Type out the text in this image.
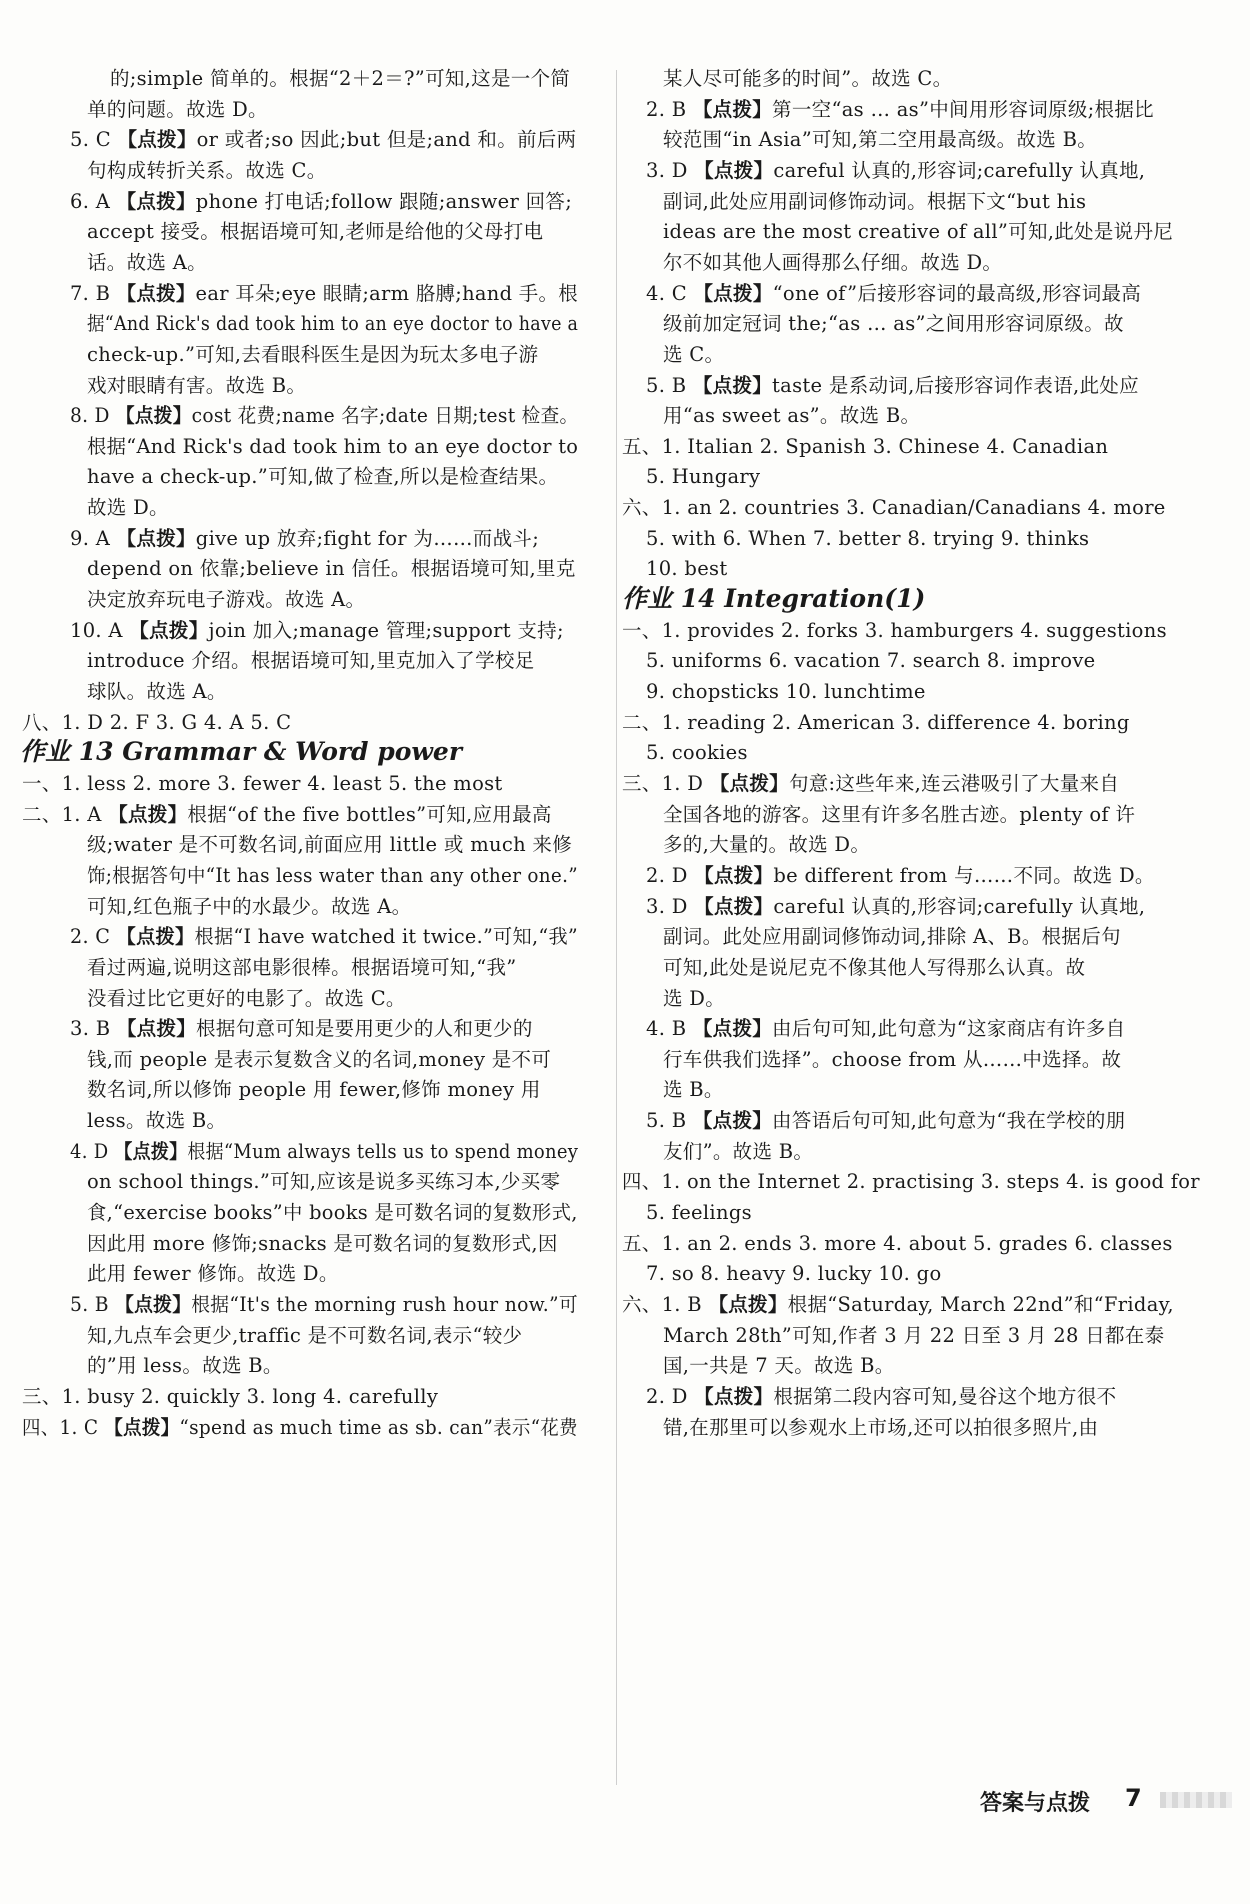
的;simple 简单的。根据“2＋2＝?”可知,这是一个简
单的问题。故选 D。
5. C 【点拨】or 或者;so 因此;but 但是;and 和。前后两
句构成转折关系。故选 C。
6. A 【点拨】phone 打电话;follow 跟随;answer 回答;
accept 接受。根据语境可知,老师是给他的父母打电
话。故选 A。
7. B 【点拨】ear 耳朵;eye 眼睛;arm 胳膊;hand 手。根
据“And Rick's dad took him to an eye doctor to have a
check-up.”可知,去看眼科医生是因为玩太多电子游
戏对眼睛有害。故选 B。
8. D 【点拨】cost 花费;name 名字;date 日期;test 检查。
根据“And Rick's dad took him to an eye doctor to
have a check-up.”可知,做了检查,所以是检查结果。
故选 D。
9. A 【点拨】give up 放弃;fight for 为……而战斗;
depend on 依靠;believe in 信任。根据语境可知,里克
决定放弃玩电子游戏。故选 A。
10. A 【点拨】join 加入;manage 管理;support 支持;
introduce 介绍。根据语境可知,里克加入了学校足
球队。故选 A。
八、1. D 2. F 3. G 4. A 5. C
作业 13 Grammar & Word power
一、1. less 2. more 3. fewer 4. least 5. the most
二、1. A 【点拨】根据“of the five bottles”可知,应用最高
级;water 是不可数名词,前面应用 little 或 much 来修
饰;根据答句中“It has less water than any other one.”
可知,红色瓶子中的水最少。故选 A。
2. C 【点拨】根据“I have watched it twice.”可知,“我”
看过两遍,说明这部电影很棒。根据语境可知,“我”
没看过比它更好的电影了。故选 C。
3. B 【点拨】根据句意可知是要用更少的人和更少的
钱,而 people 是表示复数含义的名词,money 是不可
数名词,所以修饰 people 用 fewer,修饰 money 用
less。故选 B。
4. D 【点拨】根据“Mum always tells us to spend money
on school things.”可知,应该是说多买练习本,少买零
食,“exercise books”中 books 是可数名词的复数形式,
因此用 more 修饰;snacks 是可数名词的复数形式,因
此用 fewer 修饰。故选 D。
5. B 【点拨】根据“It's the morning rush hour now.”可
知,九点车会更少,traffic 是不可数名词,表示“较少
的”用 less。故选 B。
三、1. busy 2. quickly 3. long 4. carefully
四、1. C 【点拨】“spend as much time as sb. can”表示“花费
某人尽可能多的时间”。故选 C。
2. B 【点拨】第一空“as … as”中间用形容词原级;根据比
较范围“in Asia”可知,第二空用最高级。故选 B。
3. D 【点拨】careful 认真的,形容词;carefully 认真地,
副词,此处应用副词修饰动词。根据下文“but his
ideas are the most creative of all”可知,此处是说丹尼
尔不如其他人画得那么仔细。故选 D。
4. C 【点拨】“one of”后接形容词的最高级,形容词最高
级前加定冠词 the;“as … as”之间用形容词原级。故
选 C。
5. B 【点拨】taste 是系动词,后接形容词作表语,此处应
用“as sweet as”。故选 B。
五、1. Italian 2. Spanish 3. Chinese 4. Canadian
5. Hungary
六、1. an 2. countries 3. Canadian/Canadians 4. more
5. with 6. When 7. better 8. trying 9. thinks
10. best
作业 14 Integration(1)
一、1. provides 2. forks 3. hamburgers 4. suggestions
5. uniforms 6. vacation 7. search 8. improve
9. chopsticks 10. lunchtime
二、1. reading 2. American 3. difference 4. boring
5. cookies
三、1. D 【点拨】句意:这些年来,连云港吸引了大量来自
全国各地的游客。这里有许多名胜古迹。plenty of 许
多的,大量的。故选 D。
2. D 【点拨】be different from 与……不同。故选 D。
3. D 【点拨】careful 认真的,形容词;carefully 认真地,
副词。此处应用副词修饰动词,排除 A、B。根据后句
可知,此处是说尼克不像其他人写得那么认真。故
选 D。
4. B 【点拨】由后句可知,此句意为“这家商店有许多自
行车供我们选择”。choose from 从……中选择。故
选 B。
5. B 【点拨】由答语后句可知,此句意为“我在学校的朋
友们”。故选 B。
四、1. on the Internet 2. practising 3. steps 4. is good for
5. feelings
五、1. an 2. ends 3. more 4. about 5. grades 6. classes
7. so 8. heavy 9. lucky 10. go
六、1. B 【点拨】根据“Saturday, March 22nd”和“Friday,
March 28th”可知,作者 3 月 22 日至 3 月 28 日都在泰
国,一共是 7 天。故选 B。
2. D 【点拨】根据第二段内容可知,曼谷这个地方很不
错,在那里可以参观水上市场,还可以拍很多照片,由
答案与点拨 7
